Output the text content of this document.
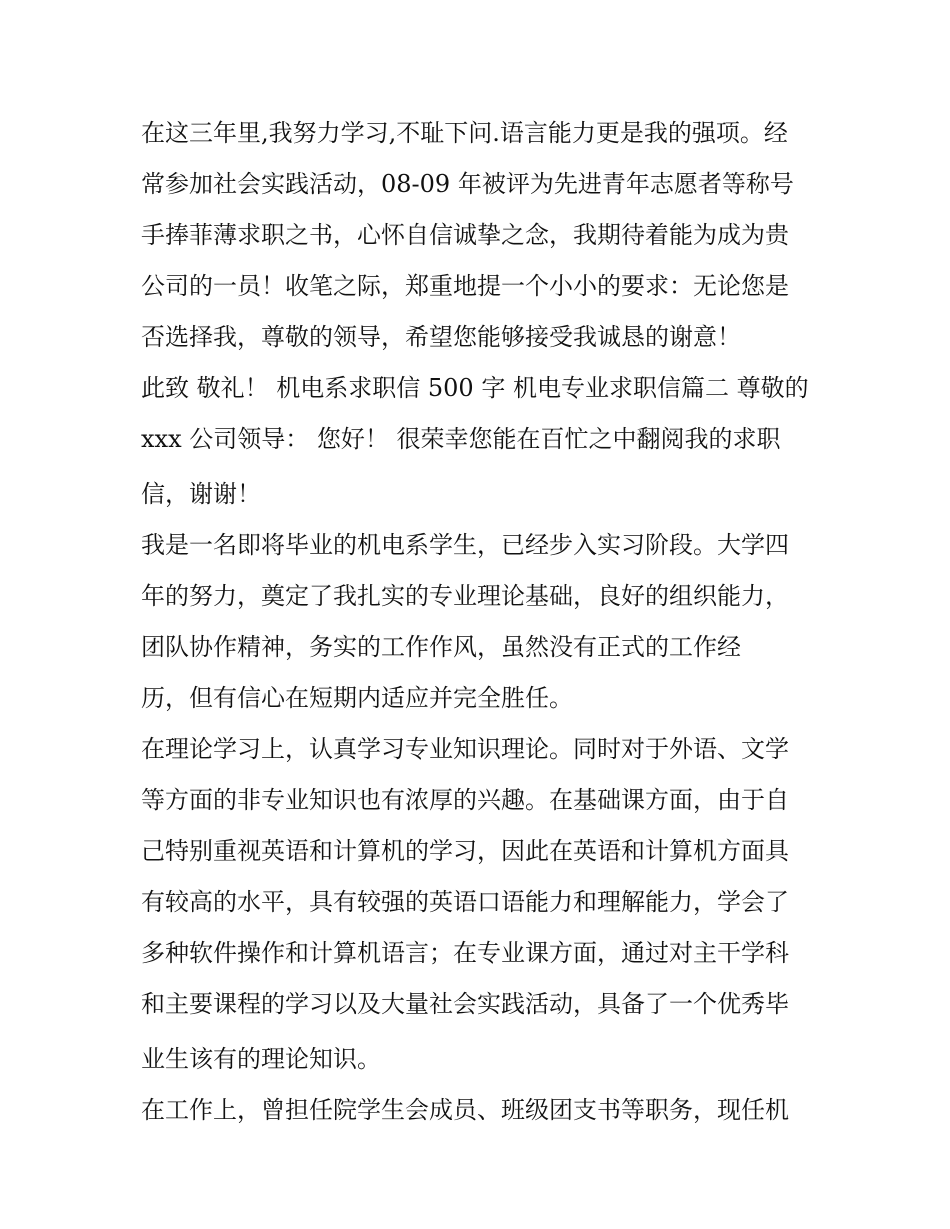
在这三年里,我努力学习,不耻下问.语言能力更是我的强项。经
常参加社会实践活动，08-09 年被评为先进青年志愿者等称号
手捧菲薄求职之书，心怀自信诚挚之念，我期待着能为成为贵
公司的一员！收笔之际，郑重地提一个小小的要求：无论您是
否选择我，尊敬的领导，希望您能够接受我诚恳的谢意！
此致 敬礼！ 机电系求职信 500 字 机电专业求职信篇二 尊敬的
xxx 公司领导： 您好！ 很荣幸您能在百忙之中翻阅我的求职
信，谢谢！
我是一名即将毕业的机电系学生，已经步入实习阶段。大学四
年的努力，奠定了我扎实的专业理论基础，良好的组织能力，
团队协作精神，务实的工作作风，虽然没有正式的工作经
历，但有信心在短期内适应并完全胜任。
在理论学习上，认真学习专业知识理论。同时对于外语、文学
等方面的非专业知识也有浓厚的兴趣。在基础课方面，由于自
己特别重视英语和计算机的学习，因此在英语和计算机方面具
有较高的水平，具有较强的英语口语能力和理解能力，学会了
多种软件操作和计算机语言；在专业课方面，通过对主干学科
和主要课程的学习以及大量社会实践活动，具备了一个优秀毕
业生该有的理论知识。
在工作上，曾担任院学生会成员、班级团支书等职务，现任机
